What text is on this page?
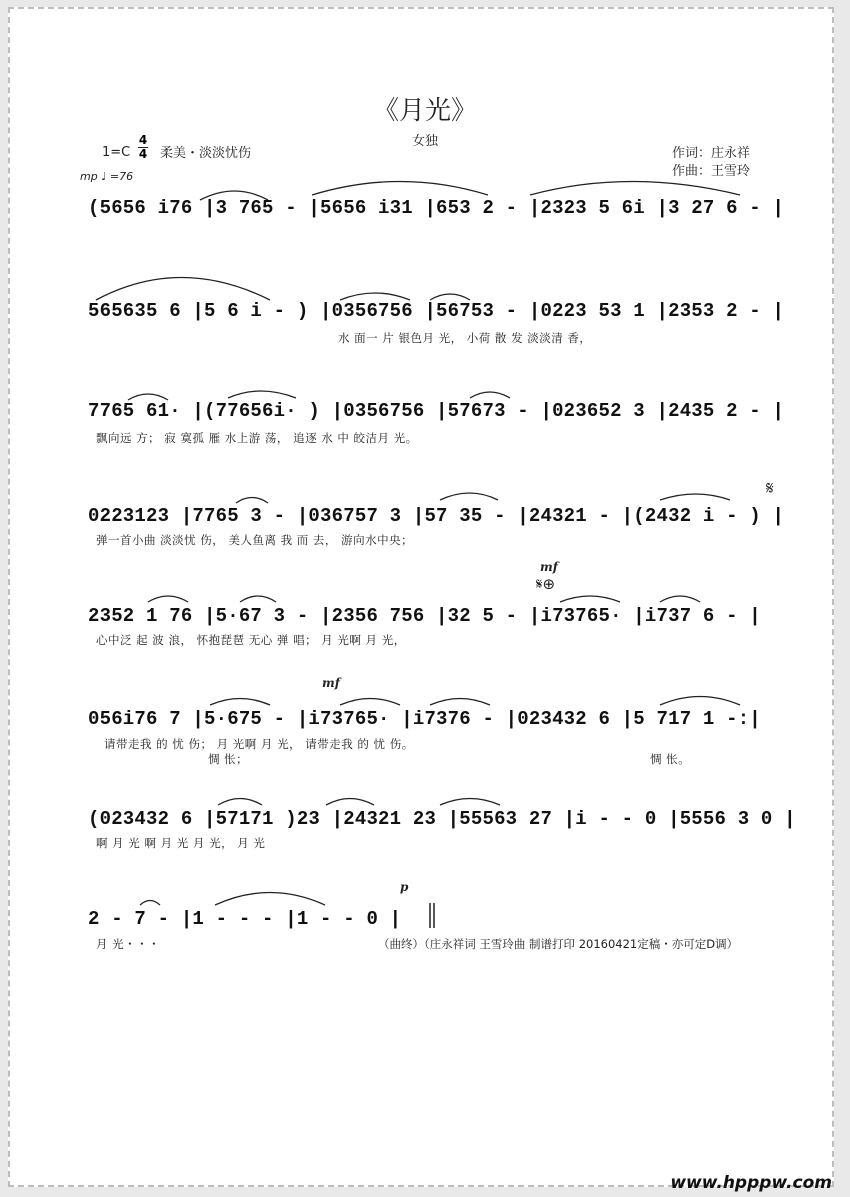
《月光》
女独
$1=C \frac{4}{4}$ 柔美・淡淡忧伤
mp ♩ =76
作词：庄永祥
作曲：王雪玲
(5656 i76 |3 765 - |5656 i31 |653 2 - |2323 5 6i |3 27 6 - |
565635 6 |5 6 i - ) |0356756 |56753 - |0223 53 1 |2353 2 - |
水 面一 片 银色月 光， 小荷 散 发 淡淡清 香，
7765 61· |(77656i· ) |0356756 |57673 - |023652 3 |2435 2 - |
飘向远 方； 寂 寞孤 雁 水上游 荡， 追逐 水 中 皎洁月 光。
0223123 |7765 3 - |036757 3 |57 35 - |24321 - |(2432 i - ) |
弹一首小曲 淡淡忧 伤， 美人鱼离 我 而 去， 游向水中央；
𝄋
2352 1 76 |5·67 3 - |2356 756 |32 5 - |i73765· |i737 6 - |
心中泛 起 波 浪， 怀抱琵琶 无心 弹 唱； 月 光啊 月 光，
mf
𝄋⊕
056i76 7 |5·675 - |i73765· |i7376 - |023432 6 |5 717 1 -:|
请带走我 的 忧 伤； 月 光啊 月 光， 请带走我 的 忧 伤。
惆 怅；	惆 怅。
mf
(023432 6 |57171 )23 |24321 23 |55563 27 |i - - 0 |5556 3 0 |
啊 月 光 啊 月 光 月 光， 月 光
2 - 7 - |1 - - - |1 - - 0 |
月 光・・・
p
（曲终）（庄永祥词 王雪玲曲 制谱打印 20160421定稿・亦可定D调）
www.hpppw.com
